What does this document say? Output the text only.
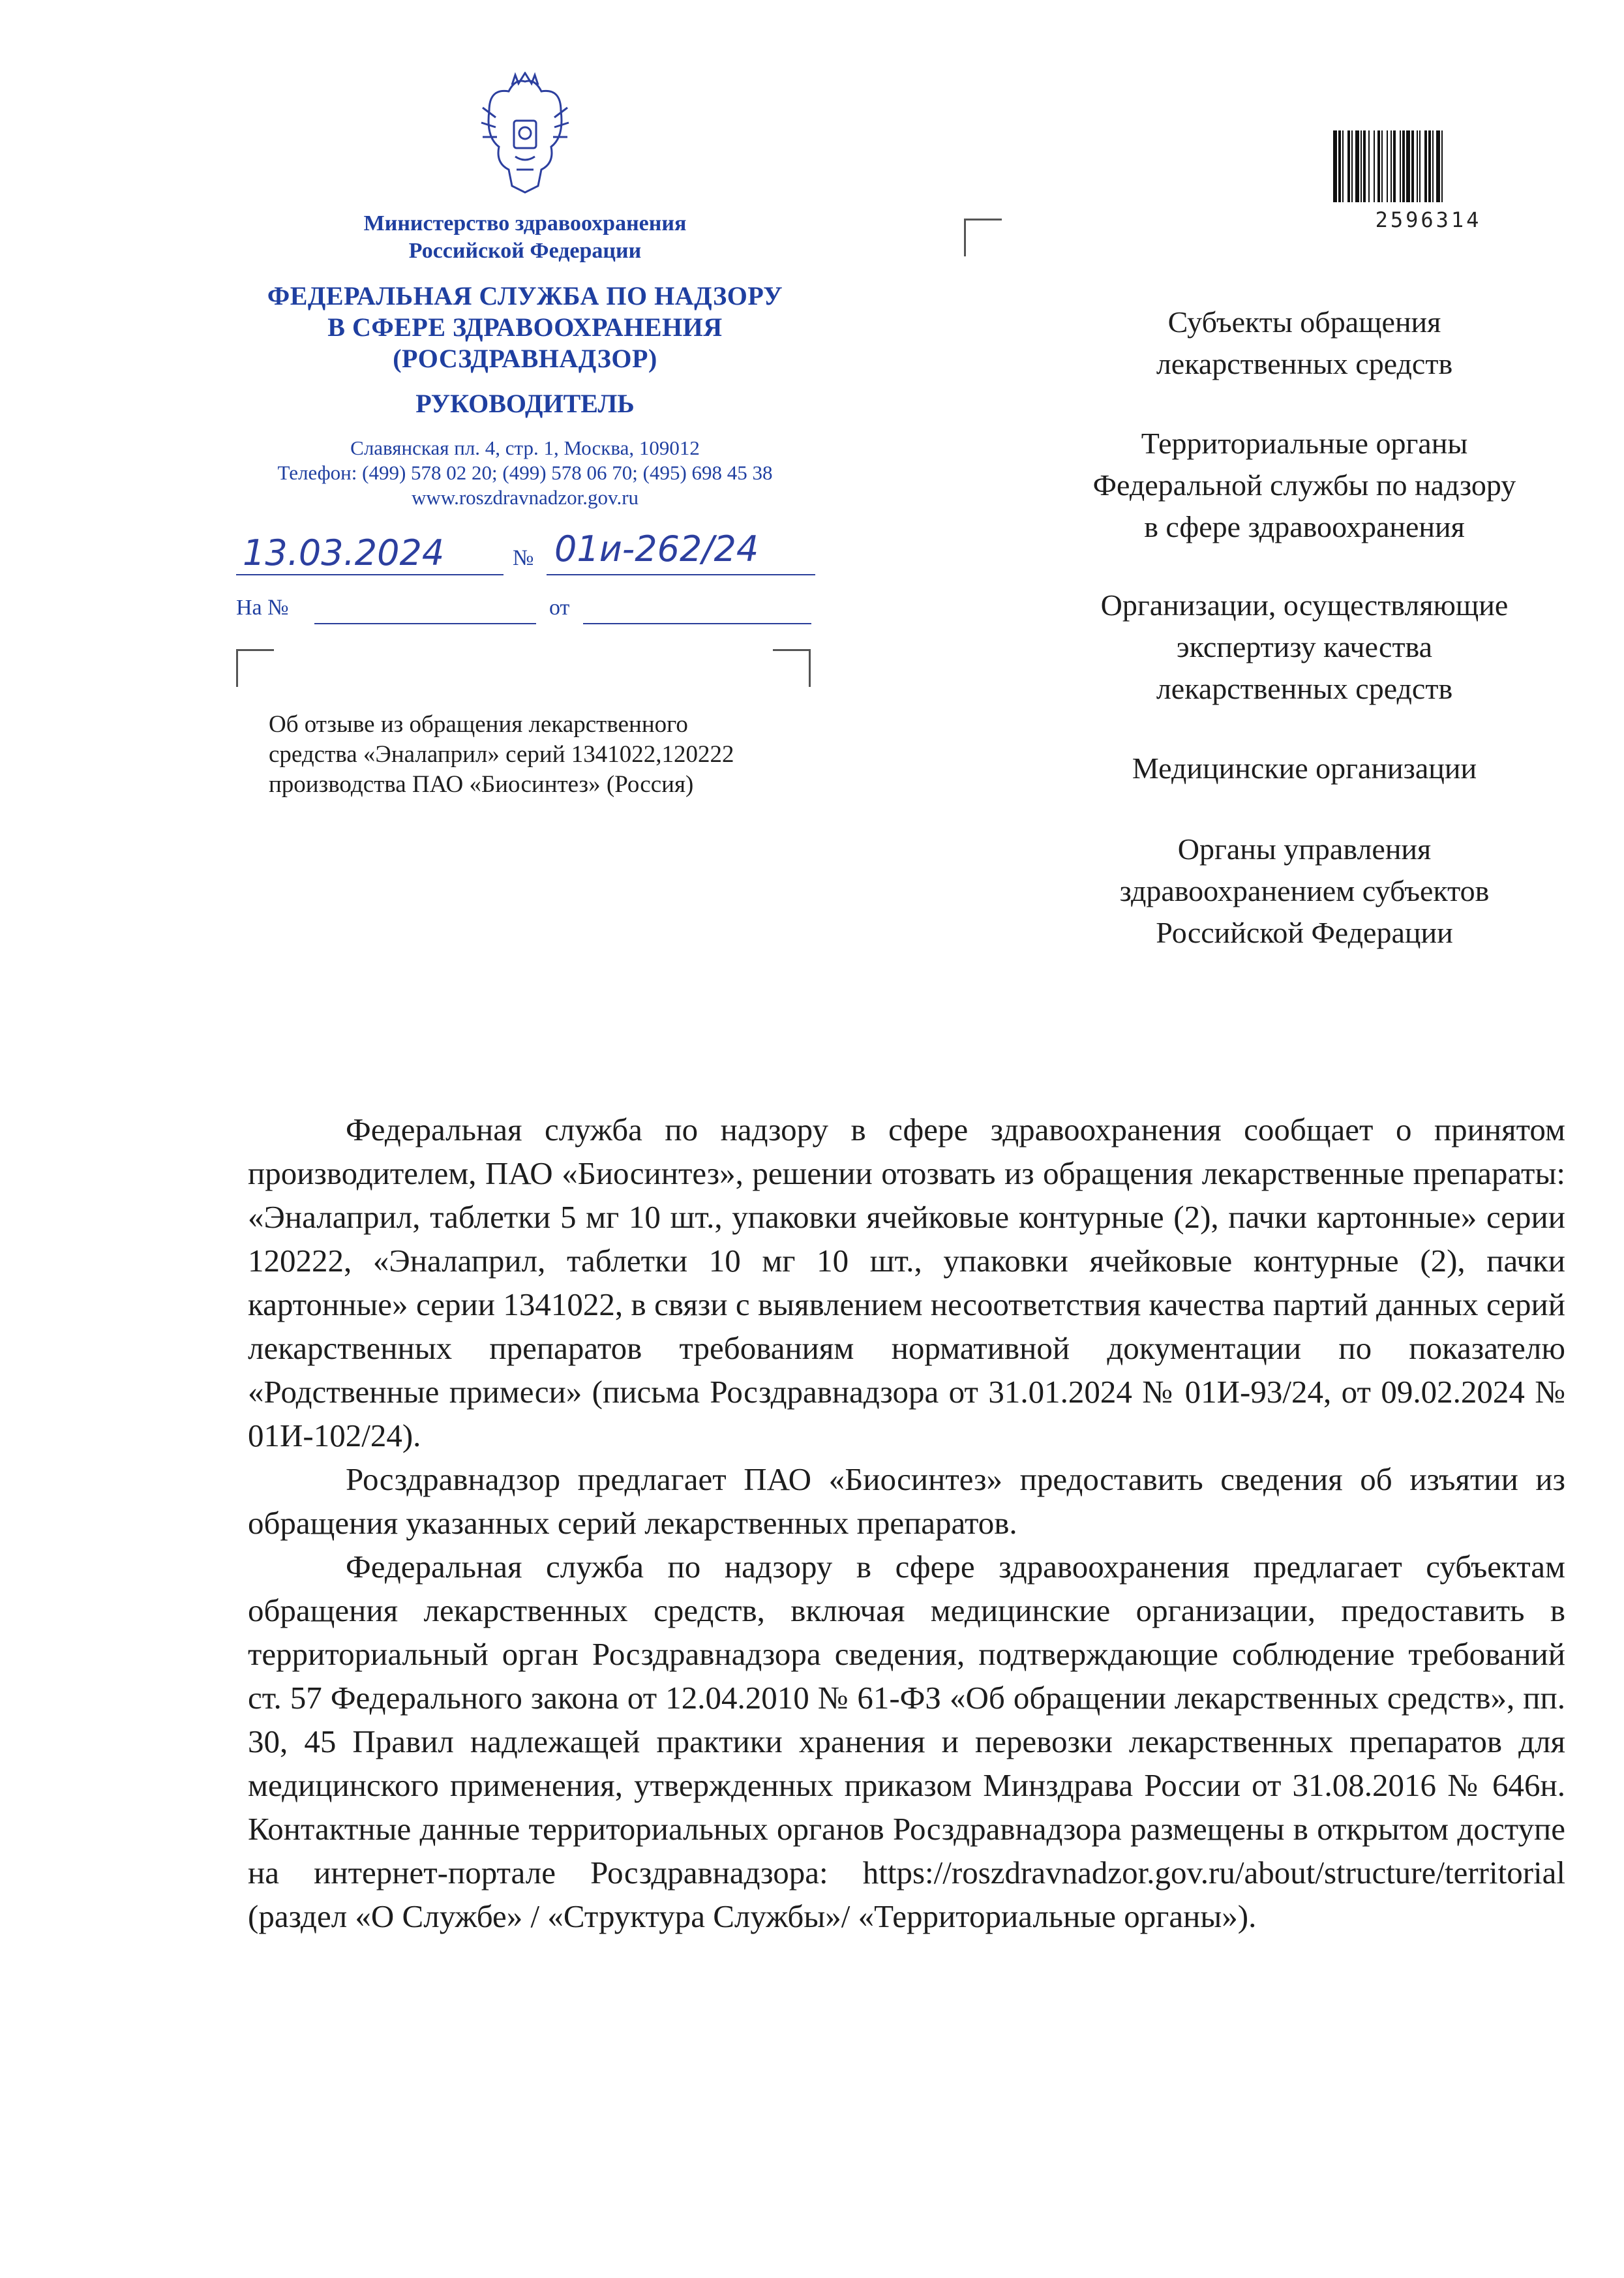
Министерство здравоохранения
Российской Федерации
ФЕДЕРАЛЬНАЯ СЛУЖБА ПО НАДЗОРУ
В СФЕРЕ ЗДРАВООХРАНЕНИЯ
(РОСЗДРАВНАДЗОР)
РУКОВОДИТЕЛЬ
Славянская пл. 4, стр. 1, Москва, 109012
Телефон: (499) 578 02 20; (499) 578 06 70; (495) 698 45 38
www.roszdravnadzor.gov.ru
13.03.2024	№ 01и-262/24
На №	от
2596314
Субъекты обращения
лекарственных средств
Территориальные органы
Федеральной службы по надзору
в сфере здравоохранения
Организации, осуществляющие
экспертизу качества
лекарственных средств
Медицинские организации
Органы управления
здравоохранением субъектов
Российской Федерации
Об отзыве из обращения лекарственного
средства «Эналаприл» серий 1341022,120222
производства ПАО «Биосинтез» (Россия)

Федеральная служба по надзору в сфере здравоохранения сообщает о принятом производителем, ПАО «Биосинтез», решении отозвать из обращения лекарственные препараты: «Эналаприл, таблетки 5 мг 10 шт., упаковки ячейковые контурные (2), пачки картонные» серии 120222, «Эналаприл, таблетки 10 мг 10 шт., упаковки ячейковые контурные (2), пачки картонные» серии 1341022, в связи с выявлением несоответствия качества партий данных серий лекарственных препаратов требованиям нормативной документации по показателю «Родственные примеси» (письма Росздравнадзора от 31.01.2024 № 01И-93/24, от 09.02.2024 № 01И-102/24).

Росздравнадзор предлагает ПАО «Биосинтез» предоставить сведения об изъятии из обращения указанных серий лекарственных препаратов.

Федеральная служба по надзору в сфере здравоохранения предлагает субъектам обращения лекарственных средств, включая медицинские организации, предоставить в территориальный орган Росздравнадзора сведения, подтверждающие соблюдение требований ст. 57 Федерального закона от 12.04.2010 № 61-ФЗ «Об обращении лекарственных средств», пп. 30, 45 Правил надлежащей практики хранения и перевозки лекарственных препаратов для медицинского применения, утвержденных приказом Минздрава России от 31.08.2016 № 646н. Контактные данные территориальных органов Росздравнадзора размещены в открытом доступе на интернет-портале Росздравнадзора: https://roszdravnadzor.gov.ru/about/structure/territorial (раздел «О Службе» / «Структура Службы»/ «Территориальные органы»).
